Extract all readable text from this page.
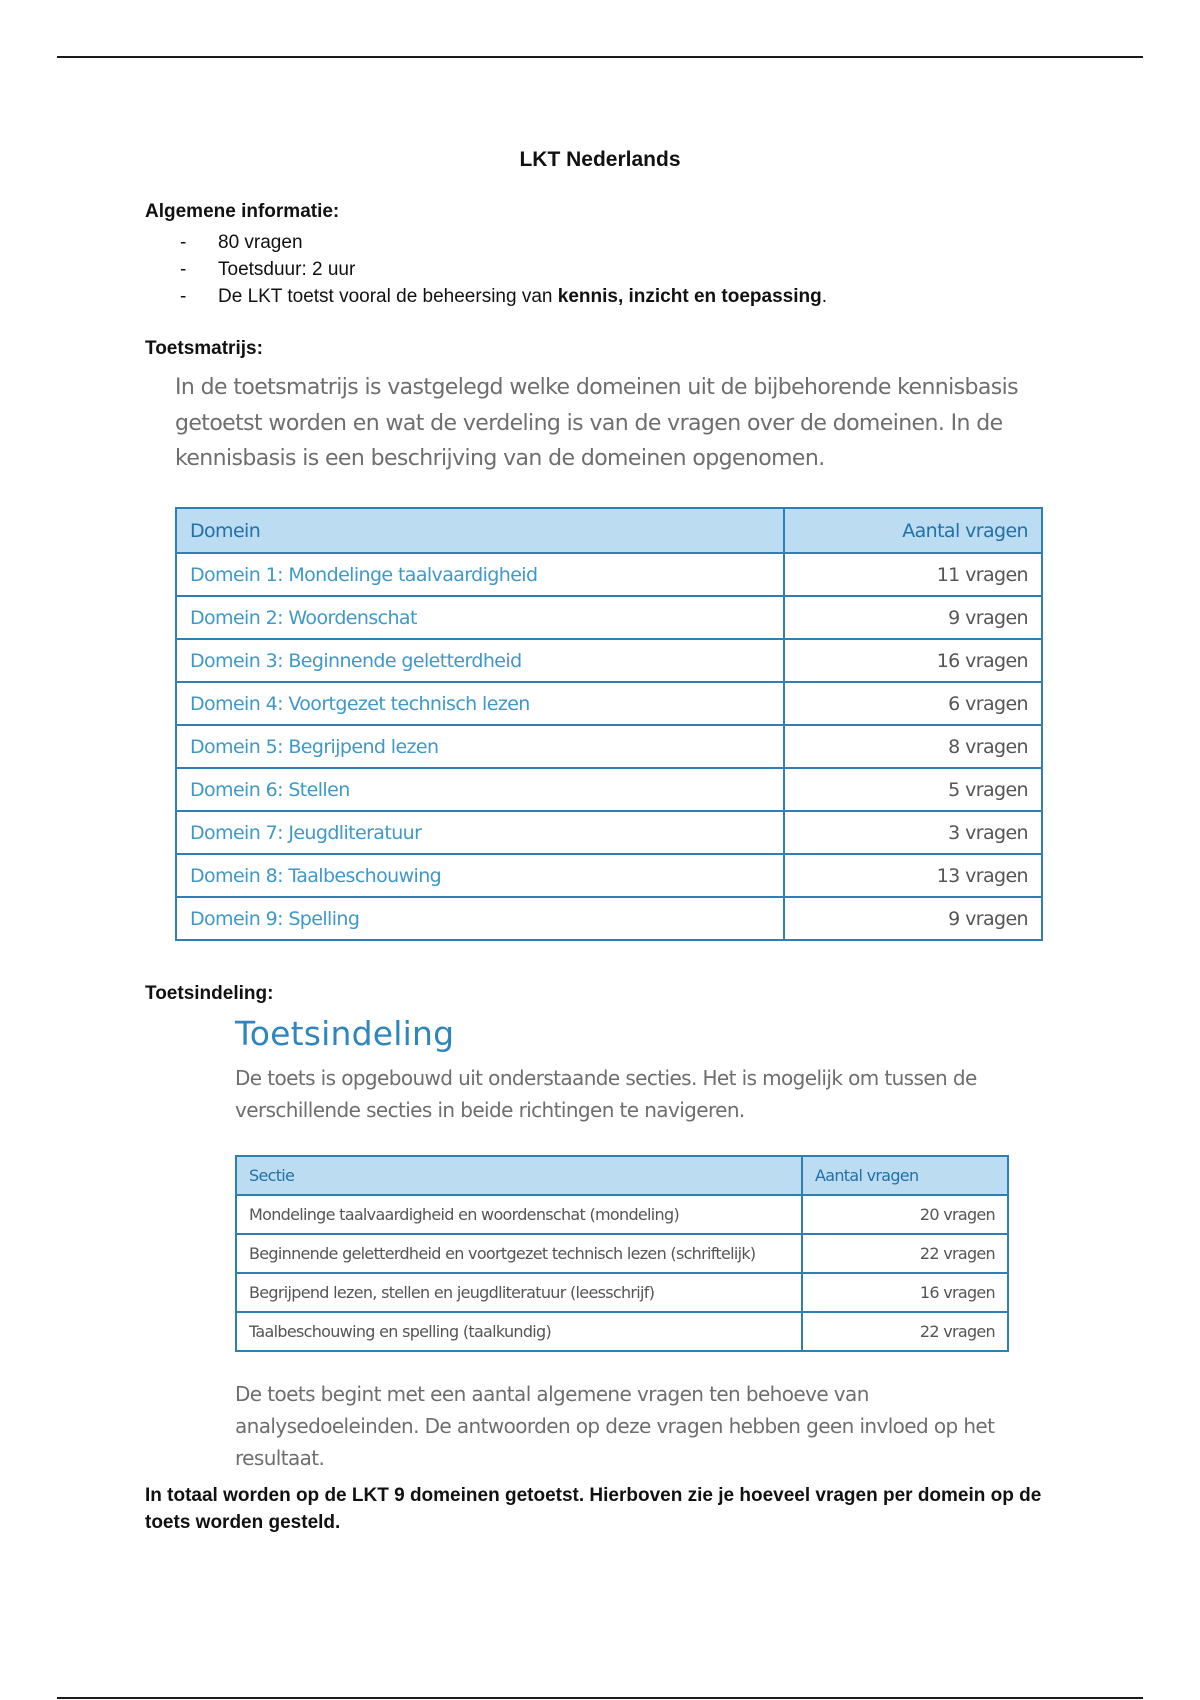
LKT Nederlands
Algemene informatie:
- 80 vragen
- Toetsduur: 2 uur
- De LKT toetst vooral de beheersing van kennis, inzicht en toepassing.
Toetsmatrijs:
In de toetsmatrijs is vastgelegd welke domeinen uit de bijbehorende kennisbasis getoetst worden en wat de verdeling is van de vragen over de domeinen. In de kennisbasis is een beschrijving van de domeinen opgenomen.
Domein	Aantal vragen
Domein 1: Mondelinge taalvaardigheid	11 vragen
Domein 2: Woordenschat	9 vragen
Domein 3: Beginnende geletterdheid	16 vragen
Domein 4: Voortgezet technisch lezen	6 vragen
Domein 5: Begrijpend lezen	8 vragen
Domein 6: Stellen	5 vragen
Domein 7: Jeugdliteratuur	3 vragen
Domein 8: Taalbeschouwing	13 vragen
Domein 9: Spelling	9 vragen
Toetsindeling:
Toetsindeling
De toets is opgebouwd uit onderstaande secties. Het is mogelijk om tussen de verschillende secties in beide richtingen te navigeren.
Sectie	Aantal vragen
Mondelinge taalvaardigheid en woordenschat (mondeling)	20 vragen
Beginnende geletterdheid en voortgezet technisch lezen (schriftelijk)	22 vragen
Begrijpend lezen, stellen en jeugdliteratuur (leesschrijf)	16 vragen
Taalbeschouwing en spelling (taalkundig)	22 vragen
De toets begint met een aantal algemene vragen ten behoeve van analysedoeleinden. De antwoorden op deze vragen hebben geen invloed op het resultaat.
In totaal worden op de LKT 9 domeinen getoetst. Hierboven zie je hoeveel vragen per domein op de toets worden gesteld.
